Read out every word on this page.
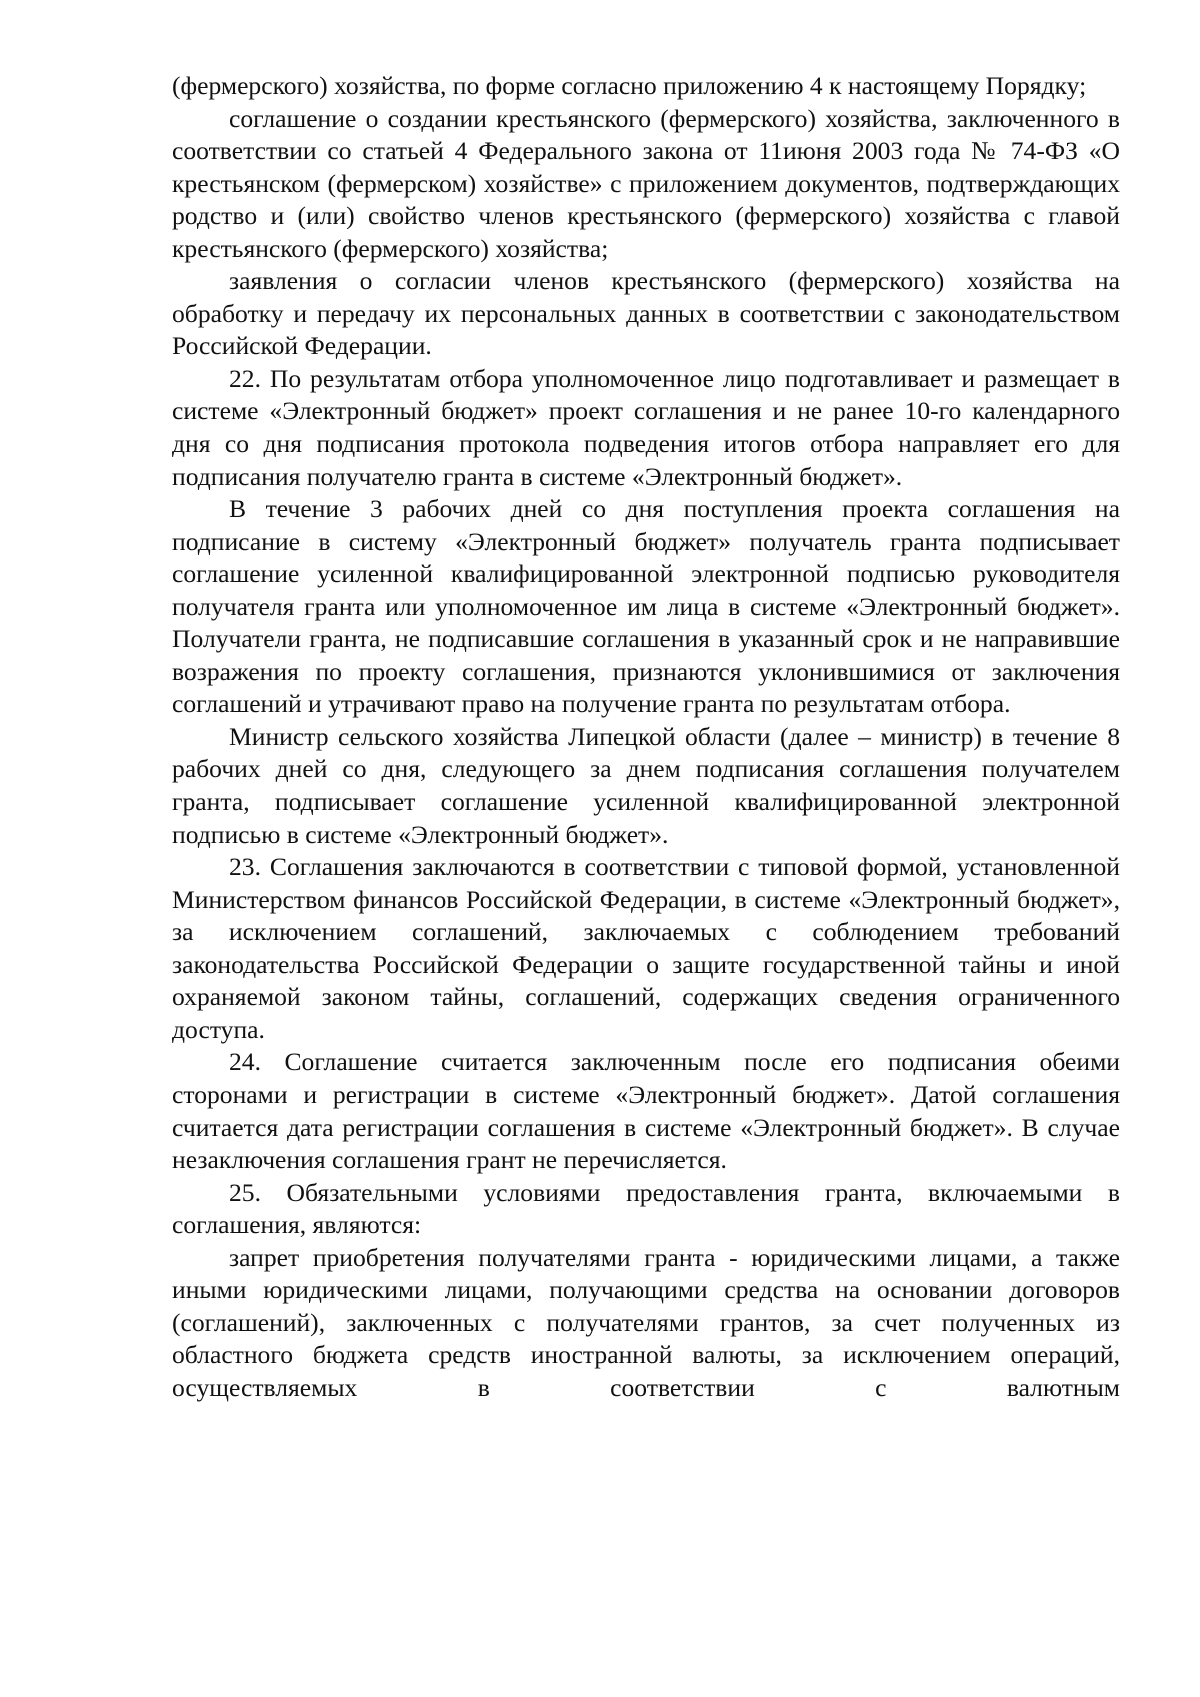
(фермерского) хозяйства, по форме согласно приложению 4 к настоящему Порядку;

соглашение о создании крестьянского (фермерского) хозяйства, заключенного в соответствии со статьей 4 Федерального закона от 11июня 2003 года № 74-ФЗ «О крестьянском (фермерском) хозяйстве» с приложением документов, подтверждающих родство и (или) свойство членов крестьянского (фермерского) хозяйства с главой крестьянского (фермерского) хозяйства;

заявления о согласии членов крестьянского (фермерского) хозяйства на обработку и передачу их персональных данных в соответствии с законодательством Российской Федерации.

22. По результатам отбора уполномоченное лицо подготавливает и размещает в системе «Электронный бюджет» проект соглашения и не ранее 10-го календарного дня со дня подписания протокола подведения итогов отбора направляет его для подписания получателю гранта в системе «Электронный бюджет».

В течение 3 рабочих дней со дня поступления проекта соглашения на подписание в систему «Электронный бюджет» получатель гранта подписывает соглашение усиленной квалифицированной электронной подписью руководителя получателя гранта или уполномоченное им лица в системе «Электронный бюджет». Получатели гранта, не подписавшие соглашения в указанный срок и не направившие возражения по проекту соглашения, признаются уклонившимися от заключения соглашений и утрачивают право на получение гранта по результатам отбора.

Министр сельского хозяйства Липецкой области (далее – министр) в течение 8 рабочих дней со дня, следующего за днем подписания соглашения получателем гранта, подписывает соглашение усиленной квалифицированной электронной подписью в системе «Электронный бюджет».

23. Соглашения заключаются в соответствии с типовой формой, установленной Министерством финансов Российской Федерации, в системе «Электронный бюджет», за исключением соглашений, заключаемых с соблюдением требований законодательства Российской Федерации о защите государственной тайны и иной охраняемой законом тайны, соглашений, содержащих сведения ограниченного доступа.

24. Соглашение считается заключенным после его подписания обеими сторонами и регистрации в системе «Электронный бюджет». Датой соглашения считается дата регистрации соглашения в системе «Электронный бюджет». В случае незаключения соглашения грант не перечисляется.

25. Обязательными условиями предоставления гранта, включаемыми в соглашения, являются:

запрет приобретения получателями гранта - юридическими лицами, а также иными юридическими лицами, получающими средства на основании договоров (соглашений), заключенных с получателями грантов, за счет полученных из областного бюджета средств иностранной валюты, за исключением операций, осуществляемых в соответствии с валютным
